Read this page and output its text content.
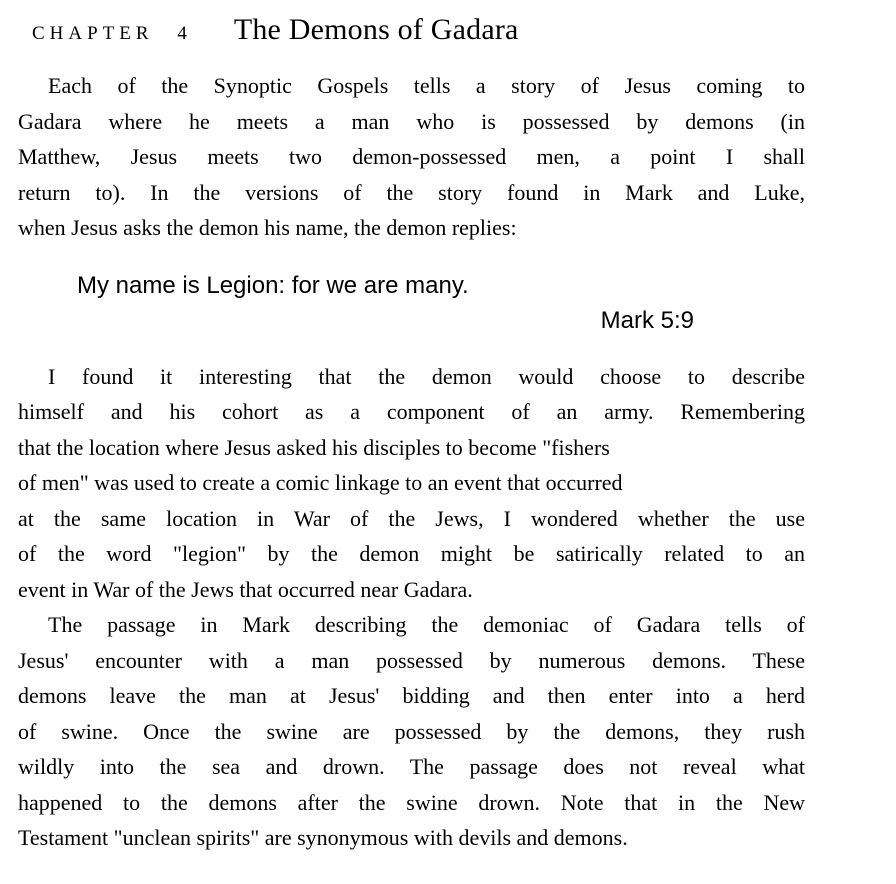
CHAPTER 4 The Demons of Gadara
Each of the Synoptic Gospels tells a story of Jesus coming to
Gadara where he meets a man who is possessed by demons (in
Matthew, Jesus meets two demon-possessed men, a point I shall
return to). In the versions of the story found in Mark and Luke,
when Jesus asks the demon his name, the demon replies:
My name is Legion: for we are many.
Mark 5:9
I found it interesting that the demon would choose to describe
himself and his cohort as a component of an army. Remembering
that the location where Jesus asked his disciples to become "fishers
of men" was used to create a comic linkage to an event that occurred
at the same location in War of the Jews, I wondered whether the use
of the word "legion" by the demon might be satirically related to an
event in War of the Jews that occurred near Gadara.
The passage in Mark describing the demoniac of Gadara tells of
Jesus' encounter with a man possessed by numerous demons. These
demons leave the man at Jesus' bidding and then enter into a herd
of swine. Once the swine are possessed by the demons, they rush
wildly into the sea and drown. The passage does not reveal what
happened to the demons after the swine drown. Note that in the New
Testament "unclean spirits" are synonymous with devils and demons.
